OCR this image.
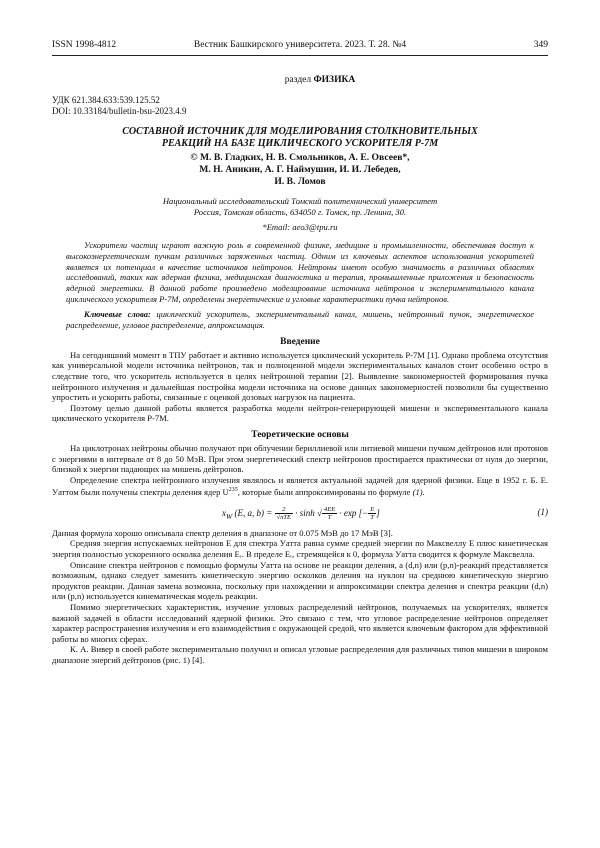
ISSN 1998-4812	Вестник Башкирского университета. 2023. Т. 28. №4	349
раздел ФИЗИКА
УДК 621.384.633:539.125.52
DOI: 10.33184/bulletin-bsu-2023.4.9
СОСТАВНОЙ ИСТОЧНИК ДЛЯ МОДЕЛИРОВАНИЯ СТОЛКНОВИТЕЛЬНЫХ
РЕАКЦИЙ НА БАЗЕ ЦИКЛИЧЕСКОГО УСКОРИТЕЛЯ Р-7М
© М. В. Гладких, Н. В. Смольников, А. Е. Овсеев*,
М. Н. Аникин, А. Г. Наймушин, И. И. Лебедев,
И. В. Ломов
Национальный исследовательский Томский политехнический университет
Россия, Томская область, 634050 г. Томск, пр. Ленина, 30.
*Email: aeo3@tpu.ru
Ускорители частиц играют важную роль в современной физике, медицине и промышленности, обеспечивая доступ к высокоэнергетическим пучкам различных заряженных частиц. Одним из ключевых аспектов использования ускорителей является их потенциал в качестве источников нейтронов. Нейтроны имеют особую значимость в различных областях исследований, таких как ядерная физика, медицинская диагностика и терапия, промышленные приложения и безопасность ядерной энергетики. В данной работе произведено моделирование источника нейтронов и экспериментального канала циклического ускорителя Р-7М, определены энергетические и угловые характеристики пучка нейтронов.
Ключевые слова: циклический ускоритель, экспериментальный канал, мишень, нейтронный пучок, энергетическое распределение, угловое распределение, аппроксимация.
Введение

На сегодняшний момент в ТПУ работает и активно используется циклический ускоритель Р-7М [1]. Однако проблема отсутствия как универсальной модели источника нейтронов, так и полноценной модели экспериментальных каналов стоит особенно остро в следствие того, что ускоритель используется в целях нейтронной терапии [2]. Выявление закономерностей формирования пучка нейтронного излучения и дальнейшая постройка модели источника на основе данных закономерностей позволили бы существенно упростить и ускорить работы, связанные с оценкой дозовых нагрузок на пациента.

Поэтому целью данной работы является разработка модели нейтрон-генерирующей мишени и экспериментального канала циклического ускорителя Р-7М.

Теоретические основы

На циклотронах нейтроны обычно получают при облучении бериллиевой или литиевой мишени пучком дейтронов или протонов с энергиями в интервале от 8 до 50 МэВ. При этом энергетический спектр нейтронов простирается практически от нуля до энергии, близкой к энергии падающих на мишень дейтронов.

Определение спектра нейтронного излучения являлось и является актуальной задачей для ядерной физики. Еще в 1952 г. Б. Е. Уаттом были получены спектры деления ядер $U^{235}$, которые были аппроксимированы по формуле (1).

$x_W$ (E, a, $b) = \frac{2}{\text{√πTE}} \cdot \sinh$ √ $\frac{4EE}{T} \cdot \exp$ [− $\frac{E}{T}$ ]	(1)

Данная формула хорошо описывала спектр деления в диапазоне от 0.075 МэВ до 17 МэВ [3].

Средняя энергия испускаемых нейтронов E для спектра Уатта равна сумме средней энергии по Максвеллу E плюс кинетическая энергия полностью ускоренного осколка деления Eᵣ. В пределе Eᵣ, стремящейся к 0, формула Уатта сводится к формуле Максвелла.

Описание спектра нейтронов с помощью формулы Уатта на основе не реакции деления, а (d,n) или (p,n)-реакций представляется возможным, однако следует заменить кинетическую энергию осколков деления на нуклон на среднюю кинетическую энергию продуктов реакции. Данная замена возможна, поскольку при нахождении и аппроксимации спектра деления и спектра реакции (d,n) или (p,n) используется кинематическая модель реакции.

Помимо энергетических характеристик, изучение угловых распределений нейтронов, получаемых на ускорителях, является важной задачей в области исследований ядерной физики. Это связано с тем, что угловое распределение нейтронов определяет характер распространения излучения и его взаимодействия с окружающей средой, что является ключевым фактором для эффективной работы во многих сферах.

К. А. Вивер в своей работе экспериментально получил и описал угловые распределения для различных типов мишени в широком диапазоне энергий дейтронов (рис. 1) [4].
